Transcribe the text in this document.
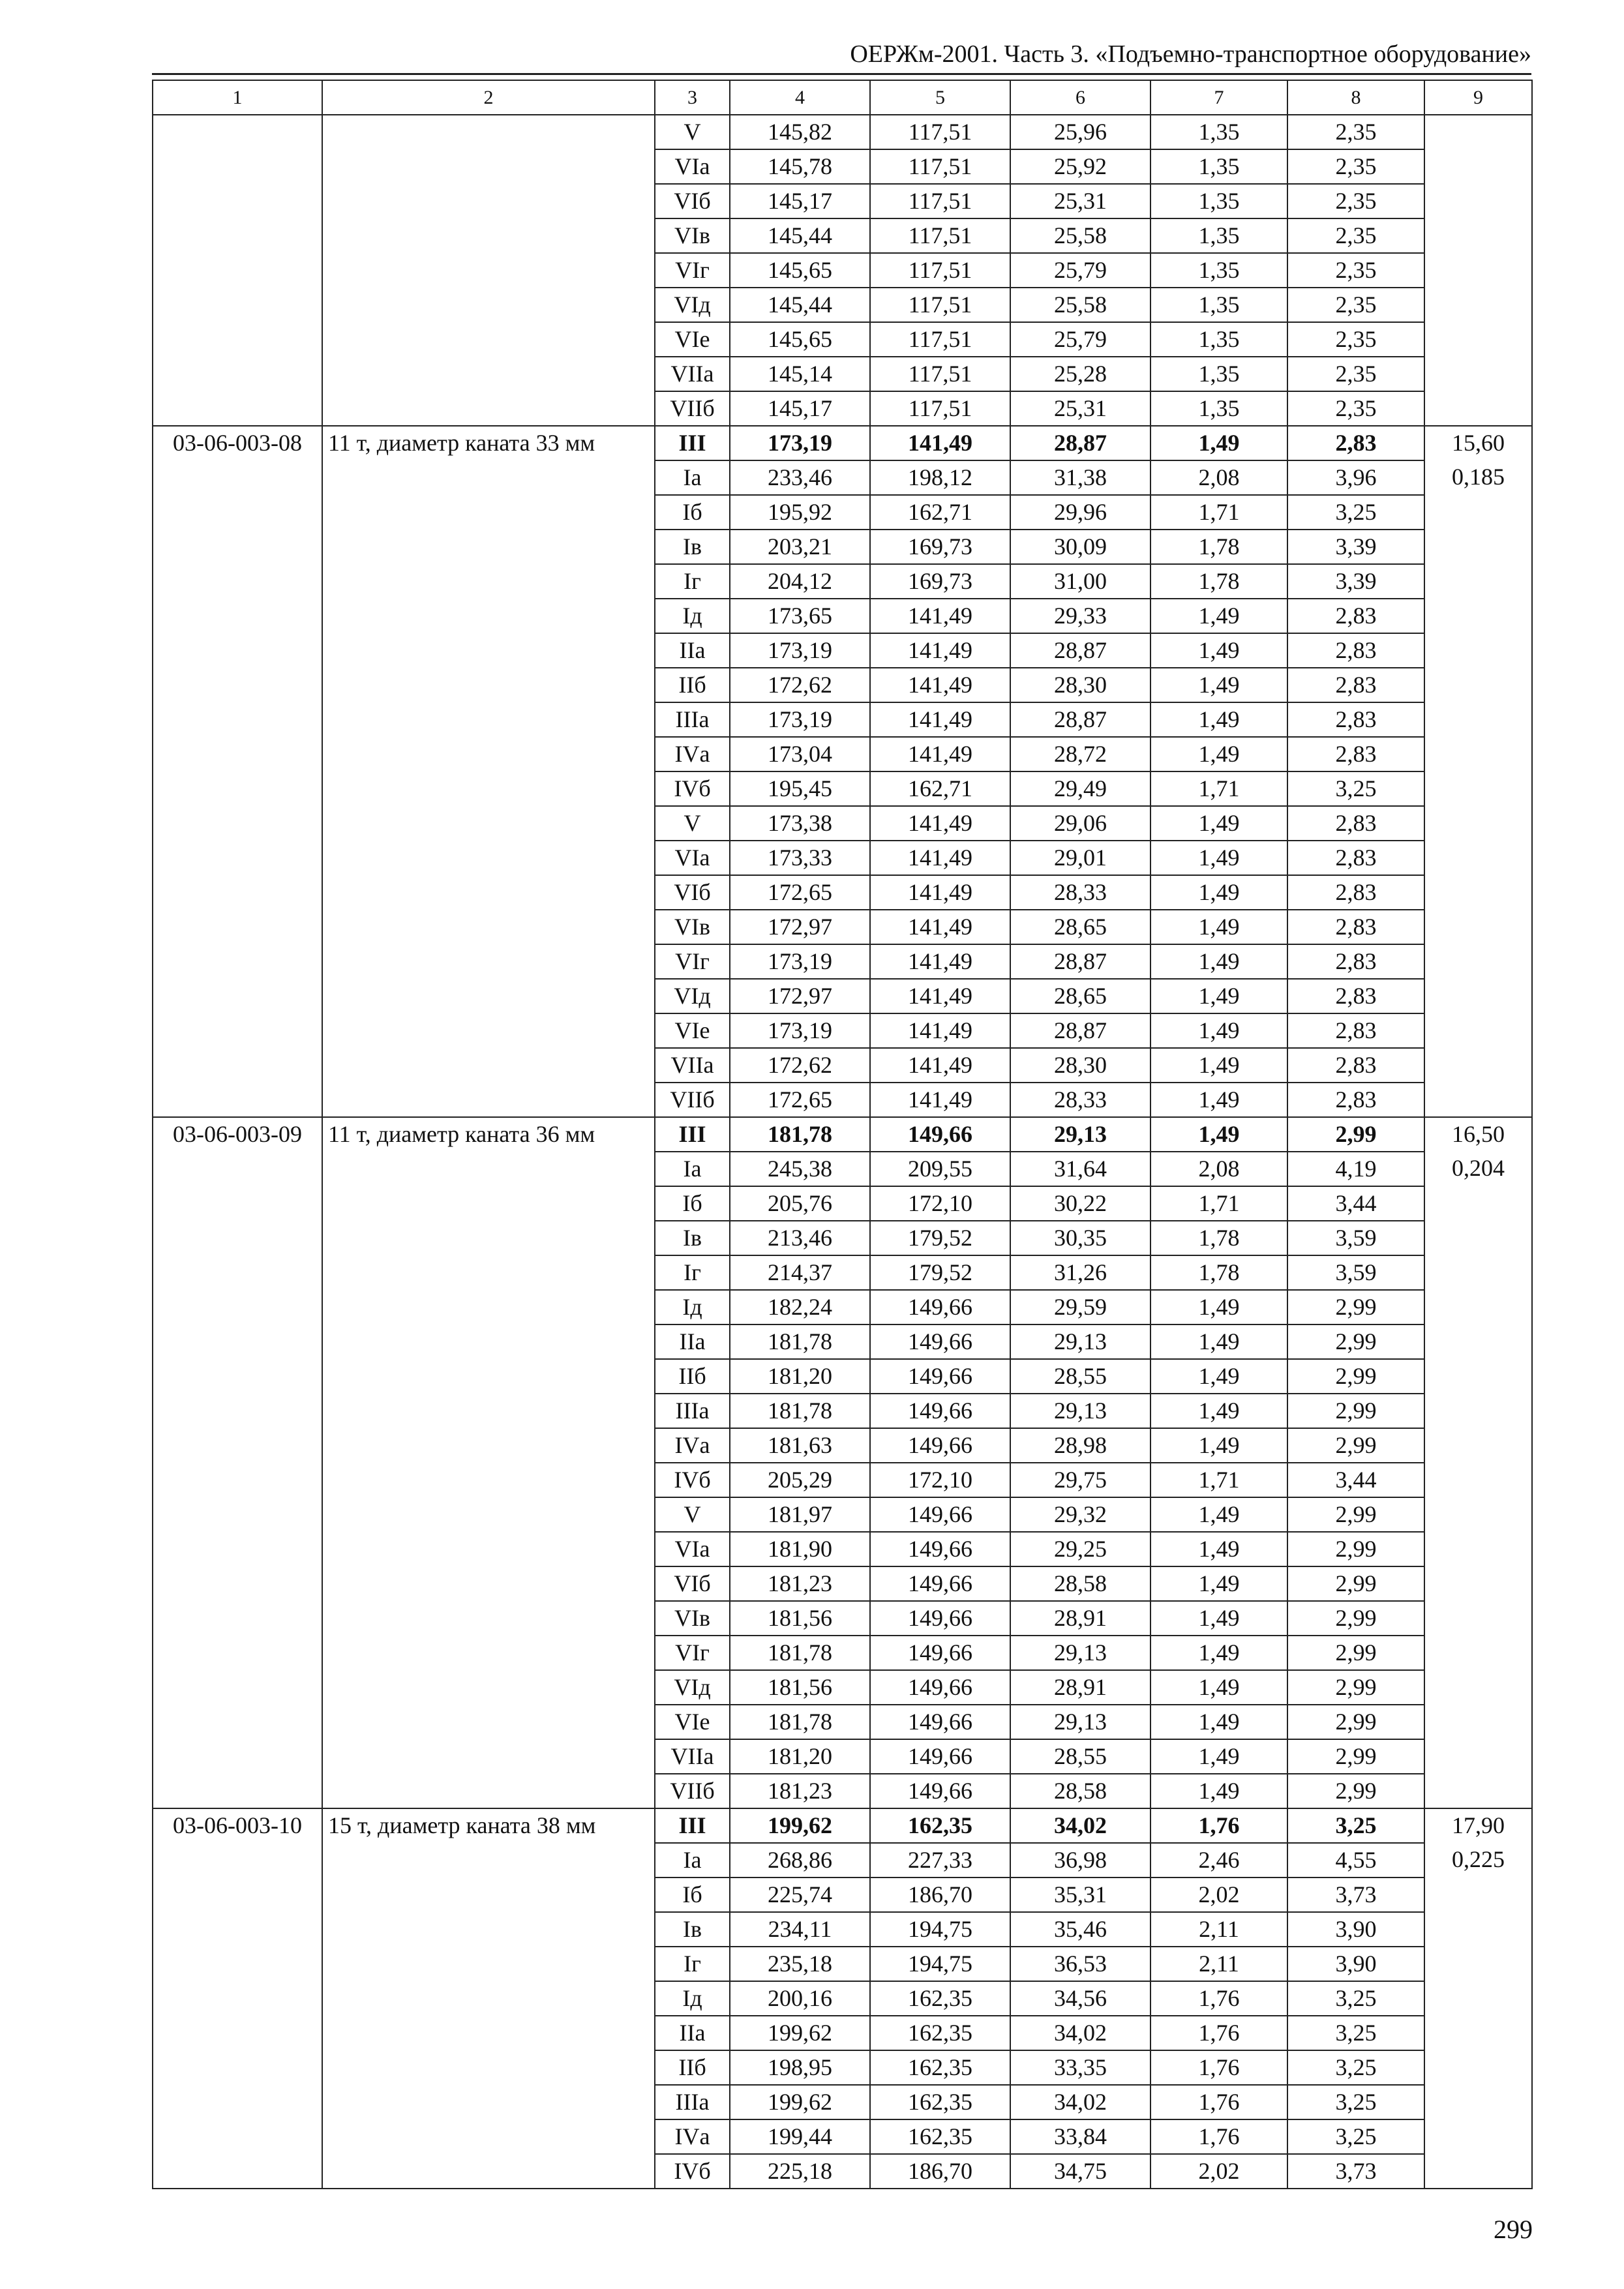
ОЕРЖм-2001. Часть 3. «Подъемно-транспортное оборудование»
1	2	3	4	5	6	7	8	9
		V	145,82	117,51	25,96	1,35	2,35	
		VIа	145,78	117,51	25,92	1,35	2,35	
		VIб	145,17	117,51	25,31	1,35	2,35	
		VIв	145,44	117,51	25,58	1,35	2,35	
		VIг	145,65	117,51	25,79	1,35	2,35	
		VIд	145,44	117,51	25,58	1,35	2,35	
		VIе	145,65	117,51	25,79	1,35	2,35	
		VIIа	145,14	117,51	25,28	1,35	2,35	
		VIIб	145,17	117,51	25,31	1,35	2,35	
03-06-003-08	11 т, диаметр каната 33 мм	III	173,19	141,49	28,87	1,49	2,83	15,60
		Iа	233,46	198,12	31,38	2,08	3,96	0,185
		Iб	195,92	162,71	29,96	1,71	3,25	
		Iв	203,21	169,73	30,09	1,78	3,39	
		Iг	204,12	169,73	31,00	1,78	3,39	
		Iд	173,65	141,49	29,33	1,49	2,83	
		IIа	173,19	141,49	28,87	1,49	2,83	
		IIб	172,62	141,49	28,30	1,49	2,83	
		IIIа	173,19	141,49	28,87	1,49	2,83	
		IVа	173,04	141,49	28,72	1,49	2,83	
		IVб	195,45	162,71	29,49	1,71	3,25	
		V	173,38	141,49	29,06	1,49	2,83	
		VIа	173,33	141,49	29,01	1,49	2,83	
		VIб	172,65	141,49	28,33	1,49	2,83	
		VIв	172,97	141,49	28,65	1,49	2,83	
		VIг	173,19	141,49	28,87	1,49	2,83	
		VIд	172,97	141,49	28,65	1,49	2,83	
		VIе	173,19	141,49	28,87	1,49	2,83	
		VIIа	172,62	141,49	28,30	1,49	2,83	
		VIIб	172,65	141,49	28,33	1,49	2,83	
03-06-003-09	11 т, диаметр каната 36 мм	III	181,78	149,66	29,13	1,49	2,99	16,50
		Iа	245,38	209,55	31,64	2,08	4,19	0,204
		Iб	205,76	172,10	30,22	1,71	3,44	
		Iв	213,46	179,52	30,35	1,78	3,59	
		Iг	214,37	179,52	31,26	1,78	3,59	
		Iд	182,24	149,66	29,59	1,49	2,99	
		IIа	181,78	149,66	29,13	1,49	2,99	
		IIб	181,20	149,66	28,55	1,49	2,99	
		IIIа	181,78	149,66	29,13	1,49	2,99	
		IVа	181,63	149,66	28,98	1,49	2,99	
		IVб	205,29	172,10	29,75	1,71	3,44	
		V	181,97	149,66	29,32	1,49	2,99	
		VIа	181,90	149,66	29,25	1,49	2,99	
		VIб	181,23	149,66	28,58	1,49	2,99	
		VIв	181,56	149,66	28,91	1,49	2,99	
		VIг	181,78	149,66	29,13	1,49	2,99	
		VIд	181,56	149,66	28,91	1,49	2,99	
		VIе	181,78	149,66	29,13	1,49	2,99	
		VIIа	181,20	149,66	28,55	1,49	2,99	
		VIIб	181,23	149,66	28,58	1,49	2,99	
03-06-003-10	15 т, диаметр каната 38 мм	III	199,62	162,35	34,02	1,76	3,25	17,90
		Iа	268,86	227,33	36,98	2,46	4,55	0,225
		Iб	225,74	186,70	35,31	2,02	3,73	
		Iв	234,11	194,75	35,46	2,11	3,90	
		Iг	235,18	194,75	36,53	2,11	3,90	
		Iд	200,16	162,35	34,56	1,76	3,25	
		IIа	199,62	162,35	34,02	1,76	3,25	
		IIб	198,95	162,35	33,35	1,76	3,25	
		IIIа	199,62	162,35	34,02	1,76	3,25	
		IVа	199,44	162,35	33,84	1,76	3,25	
		IVб	225,18	186,70	34,75	2,02	3,73	
299
